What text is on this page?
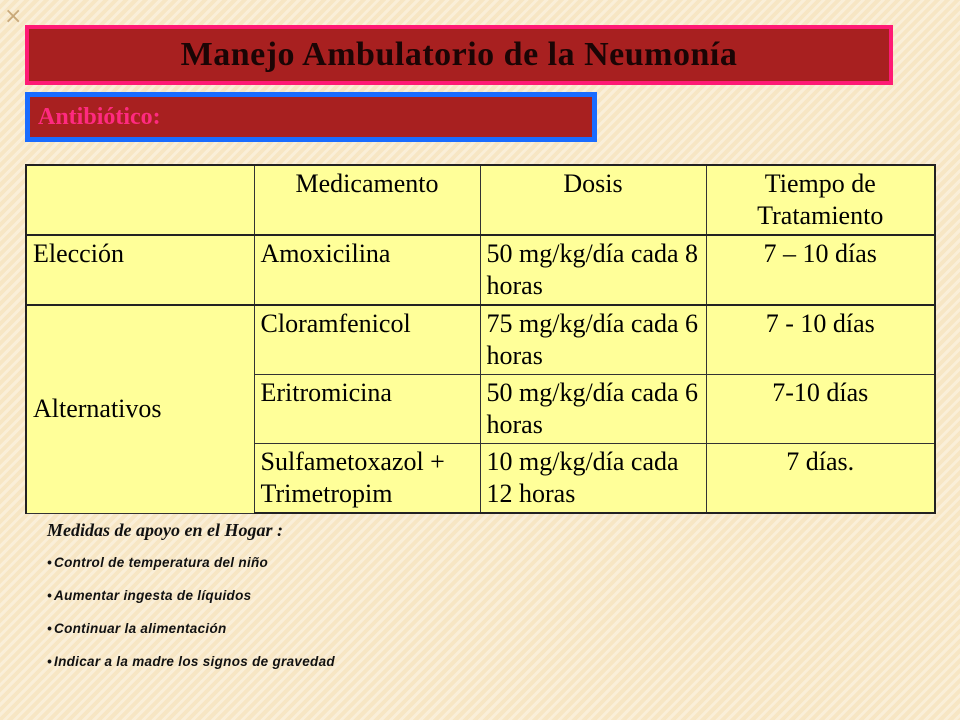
×
Manejo Ambulatorio de la Neumonía
Antibiótico:
	Medicamento	Dosis	Tiempo de Tratamiento
Elección	Amoxicilina	50 mg/kg/día cada 8 horas	7 – 10 días
Alternativos	Cloramfenicol	75 mg/kg/día cada 6 horas	7 - 10 días
	Eritromicina	50 mg/kg/día cada 6 horas	7-10 días
	Sulfametoxazol + Trimetropim	10 mg/kg/día cada 12 horas	7 días.
Medidas de apoyo en el Hogar :
• Control de temperatura del niño
• Aumentar ingesta de líquidos
• Continuar la alimentación
• Indicar a la madre los signos de gravedad
